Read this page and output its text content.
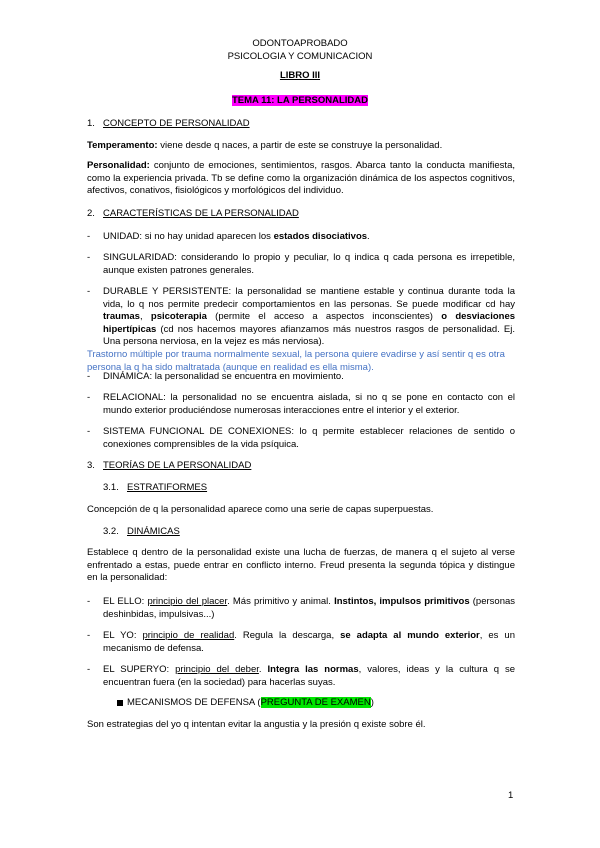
ODONTOAPROBADO
PSICOLOGIA Y COMUNICACION
LIBRO III
TEMA 11: LA PERSONALIDAD
1. CONCEPTO DE PERSONALIDAD
Temperamento: viene desde q naces, a partir de este se construye la personalidad.
Personalidad: conjunto de emociones, sentimientos, rasgos. Abarca tanto la conducta manifiesta, como la experiencia privada. Tb se define como la organización dinámica de los aspectos cognitivos, afectivos, conativos, fisiológicos y morfológicos del individuo.
2. CARACTERÍSTICAS DE LA PERSONALIDAD
- UNIDAD: si no hay unidad aparecen los estados disociativos.
- SINGULARIDAD: considerando lo propio y peculiar, lo q indica q cada persona es irrepetible, aunque existen patrones generales.
- DURABLE Y PERSISTENTE: la personalidad se mantiene estable y continua durante toda la vida, lo q nos permite predecir comportamientos en las personas. Se puede modificar cd hay traumas, psicoterapia (permite el acceso a aspectos inconscientes) o desviaciones hipertípicas (cd nos hacemos mayores afianzamos más nuestros rasgos de personalidad. Ej. Una persona nerviosa, en la vejez es más nerviosa).
Trastorno múltiple por trauma normalmente sexual, la persona quiere evadirse y así sentir q es otra persona la q ha sido maltratada (aunque en realidad es ella misma).
- DINÁMICA: la personalidad se encuentra en movimiento.
- RELACIONAL: la personalidad no se encuentra aislada, si no q se pone en contacto con el mundo exterior produciéndose numerosas interacciones entre el interior y el exterior.
- SISTEMA FUNCIONAL DE CONEXIONES: lo q permite establecer relaciones de sentido o conexiones comprensibles de la vida psíquica.
3. TEORÍAS DE LA PERSONALIDAD
3.1. ESTRATIFORMES
Concepción de q la personalidad aparece como una serie de capas superpuestas.
3.2. DINÁMICAS
Establece q dentro de la personalidad existe una lucha de fuerzas, de manera q el sujeto al verse enfrentado a estas, puede entrar en conflicto interno. Freud presenta la segunda tópica y distingue en la personalidad:
- EL ELLO: principio del placer. Más primitivo y animal. Instintos, impulsos primitivos (personas deshinbidas, impulsivas...)
- EL YO: principio de realidad. Regula la descarga, se adapta al mundo exterior, es un mecanismo de defensa.
- EL SUPERYO: principio del deber. Integra las normas, valores, ideas y la cultura q se encuentran fuera (en la sociedad) para hacerlas suyas.
MECANISMOS DE DEFENSA (PREGUNTA DE EXAMEN)
Son estrategias del yo q intentan evitar la angustia y la presión q existe sobre él.
1
